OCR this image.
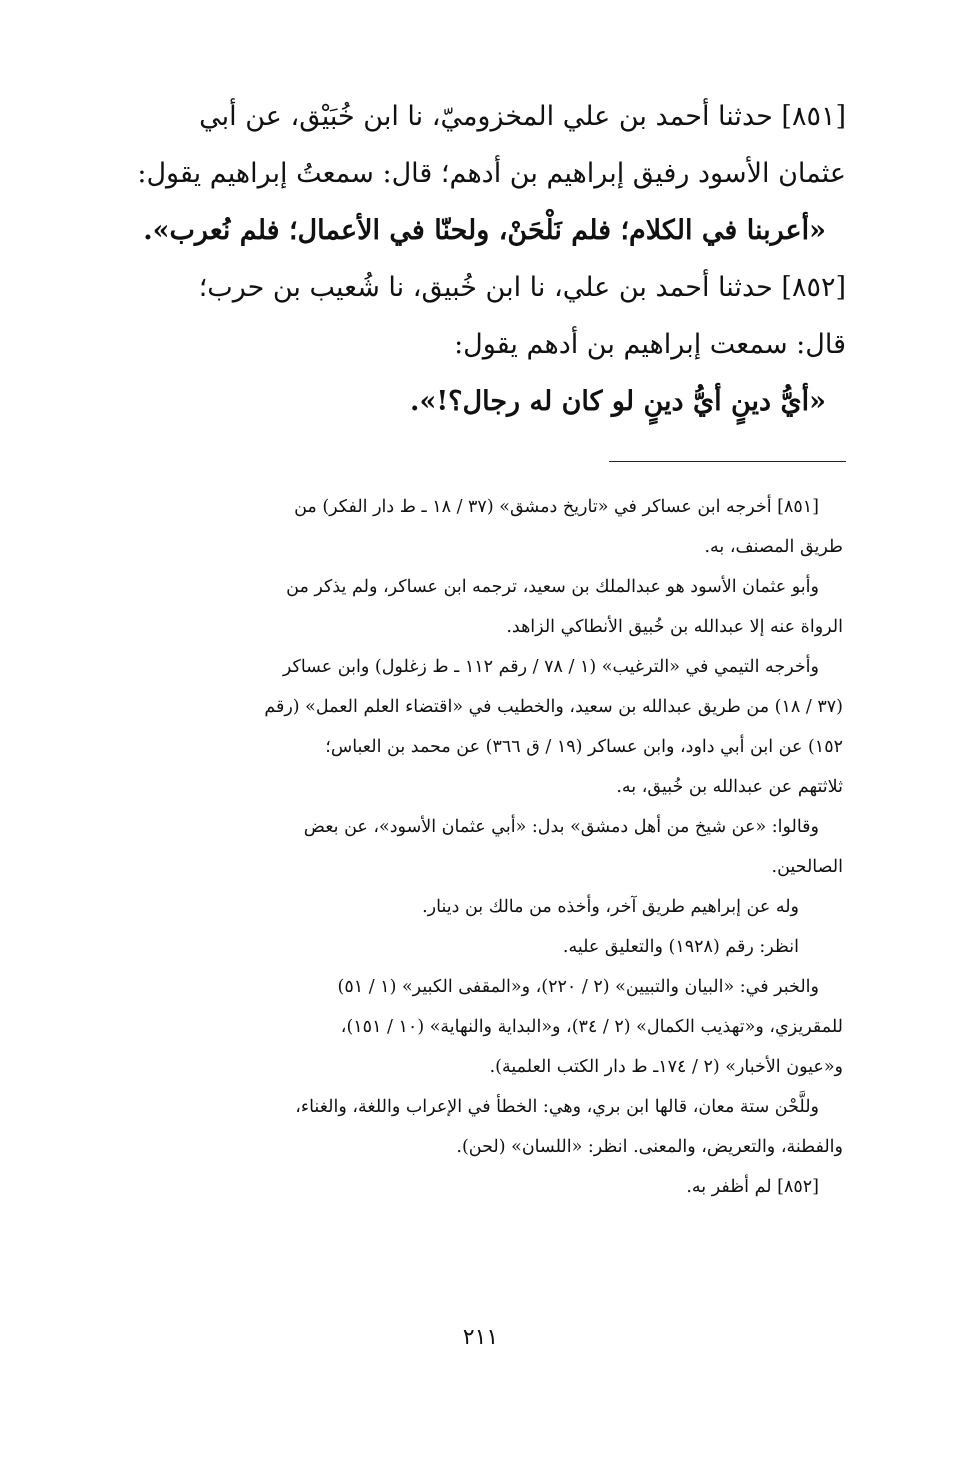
[٨٥١] حدثنا أحمد بن علي المخزوميّ، نا ابن خُبَيْق، عن أبي

عثمان الأسود رفيق إبراهيم بن أدهم؛ قال: سمعتُ إبراهيم يقول:

«أعربنا في الكلام؛ فلم نَلْحَنْ، ولحنّا في الأعمال؛ فلم نُعرب».

[٨٥٢] حدثنا أحمد بن علي، نا ابن خُبيق، نا شُعيب بن حرب؛

قال: سمعت إبراهيم بن أدهم يقول:

«أيُّ دينٍ أيُّ دينٍ لو كان له رجال؟!».

[٨٥١] أخرجه ابن عساكر في «تاريخ دمشق» (٣٧ / ١٨ ـ ط دار الفكر) من

طريق المصنف، به.

وأبو عثمان الأسود هو عبدالملك بن سعيد، ترجمه ابن عساكر، ولم يذكر من

الرواة عنه إلا عبدالله بن خُبيق الأنطاكي الزاهد.

وأخرجه التيمي في «الترغيب» (١ / ٧٨ / رقم ١١٢ ـ ط زغلول) وابن عساكر

(٣٧ / ١٨) من طريق عبدالله بن سعيد، والخطيب في «اقتضاء العلم العمل» (رقم

١٥٢) عن ابن أبي داود، وابن عساكر (١٩ / ق ٣٦٦) عن محمد بن العباس؛

ثلاثتهم عن عبدالله بن خُبيق، به.

وقالوا: «عن شيخ من أهل دمشق» بدل: «أبي عثمان الأسود»، عن بعض

الصالحين.

وله عن إبراهيم طريق آخر، وأخذه من مالك بن دينار.

انظر: رقم (١٩٢٨) والتعليق عليه.

والخبر في: «البيان والتبيين» (٢ / ٢٢٠)، و«المقفى الكبير» (١ / ٥١)

للمقريزي، و«تهذيب الكمال» (٢ / ٣٤)، و«البداية والنهاية» (١٠ / ١٥١)،

و«عيون الأخبار» (٢ / ١٧٤ـ ط دار الكتب العلمية).

وللَّحْن ستة معان، قالها ابن بري، وهي: الخطأ في الإعراب واللغة، والغناء،

والفطنة، والتعريض، والمعنى. انظر: «اللسان» (لحن).

[٨٥٢] لم أظفر به.

٢١١
